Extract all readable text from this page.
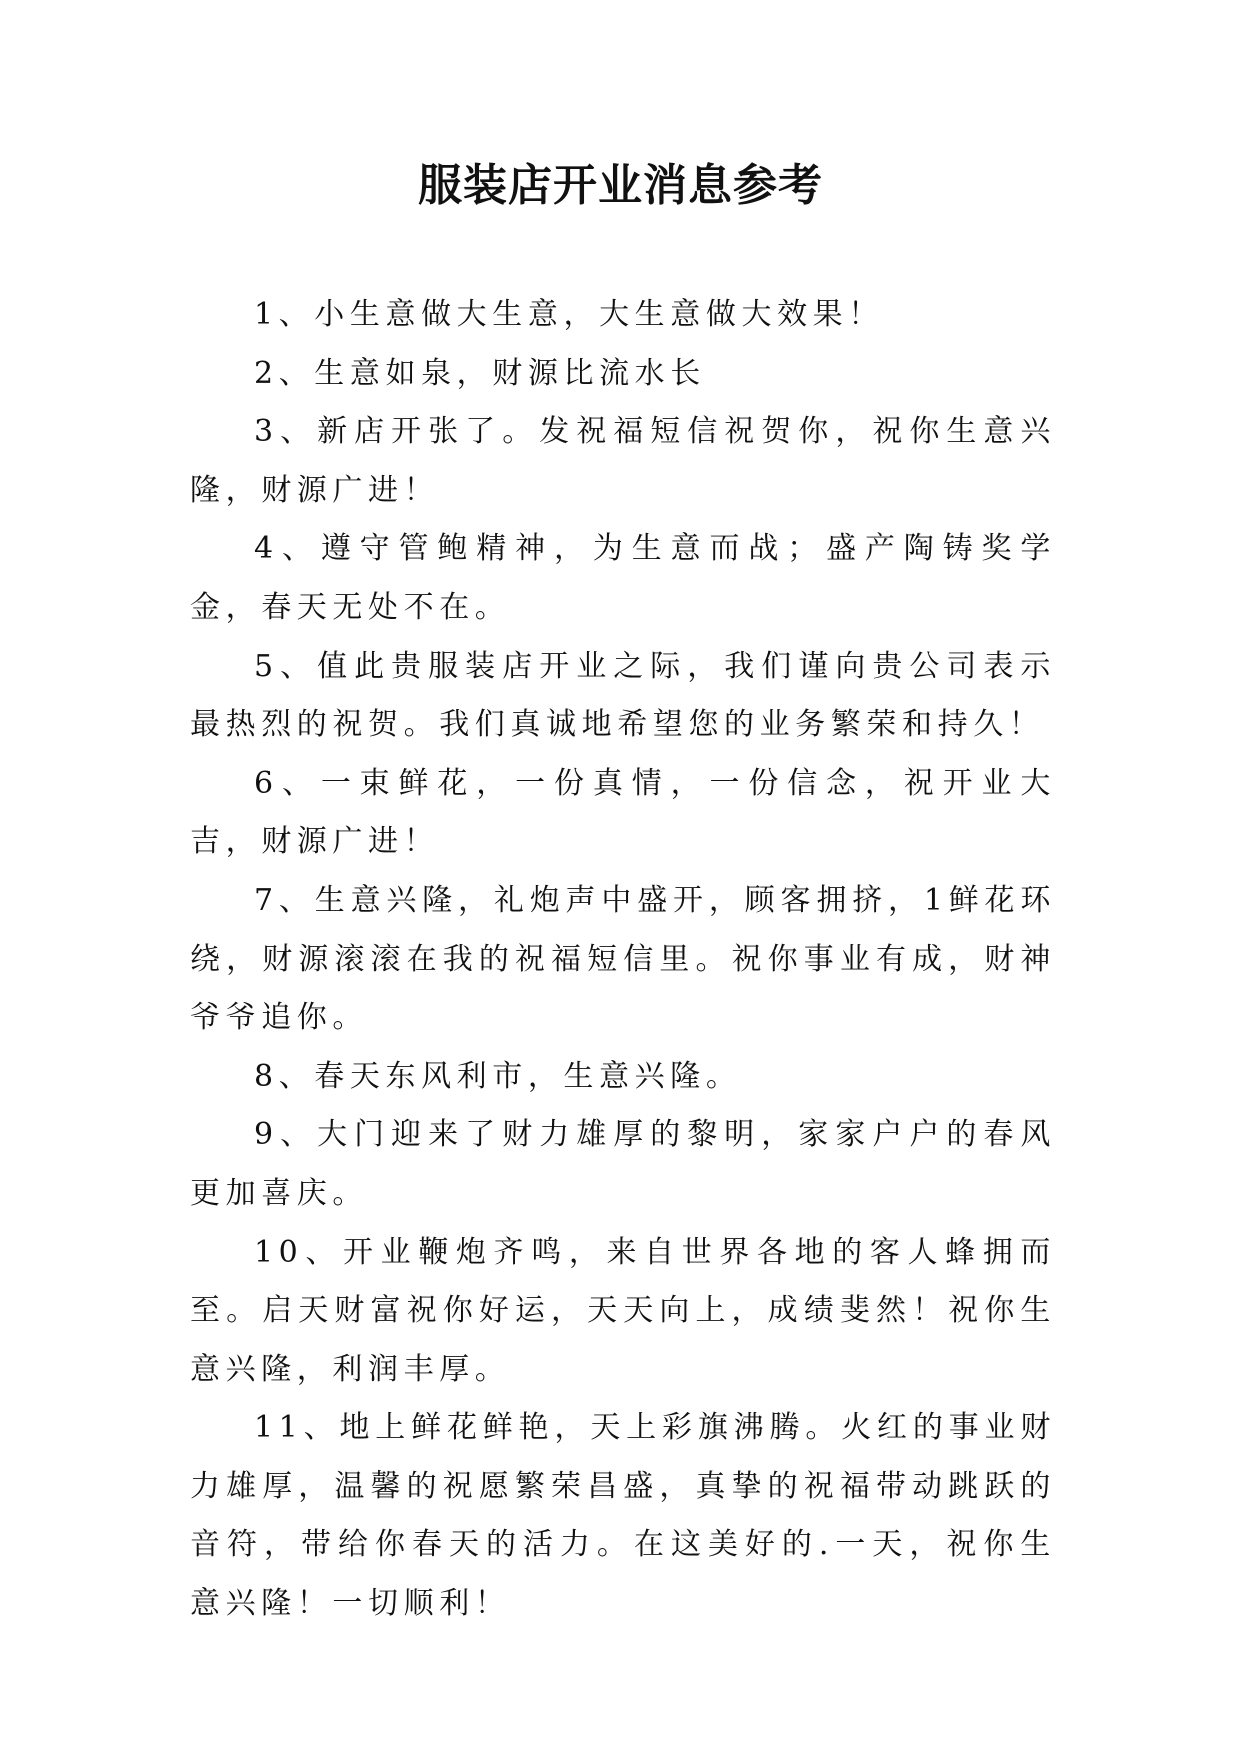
服装店开业消息参考

1、小生意做大生意，大生意做大效果！

2、生意如泉，财源比流水长

3、新店开张了。发祝福短信祝贺你，祝你生意兴隆，财源广进！

4、遵守管鲍精神，为生意而战；盛产陶铸奖学金，春天无处不在。

5、值此贵服装店开业之际，我们谨向贵公司表示最热烈的祝贺。我们真诚地希望您的业务繁荣和持久！

6、一束鲜花，一份真情，一份信念，祝开业大吉，财源广进！

7、生意兴隆，礼炮声中盛开，顾客拥挤，1鲜花环绕，财源滚滚在我的祝福短信里。祝你事业有成，财神爷爷追你。

8、春天东风利市，生意兴隆。

9、大门迎来了财力雄厚的黎明，家家户户的春风更加喜庆。

10、开业鞭炮齐鸣，来自世界各地的客人蜂拥而至。启天财富祝你好运，天天向上，成绩斐然！祝你生意兴隆，利润丰厚。

11、地上鲜花鲜艳，天上彩旗沸腾。火红的事业财力雄厚，温馨的祝愿繁荣昌盛，真挚的祝福带动跳跃的音符，带给你春天的活力。在这美好的.一天，祝你生意兴隆！一切顺利！
